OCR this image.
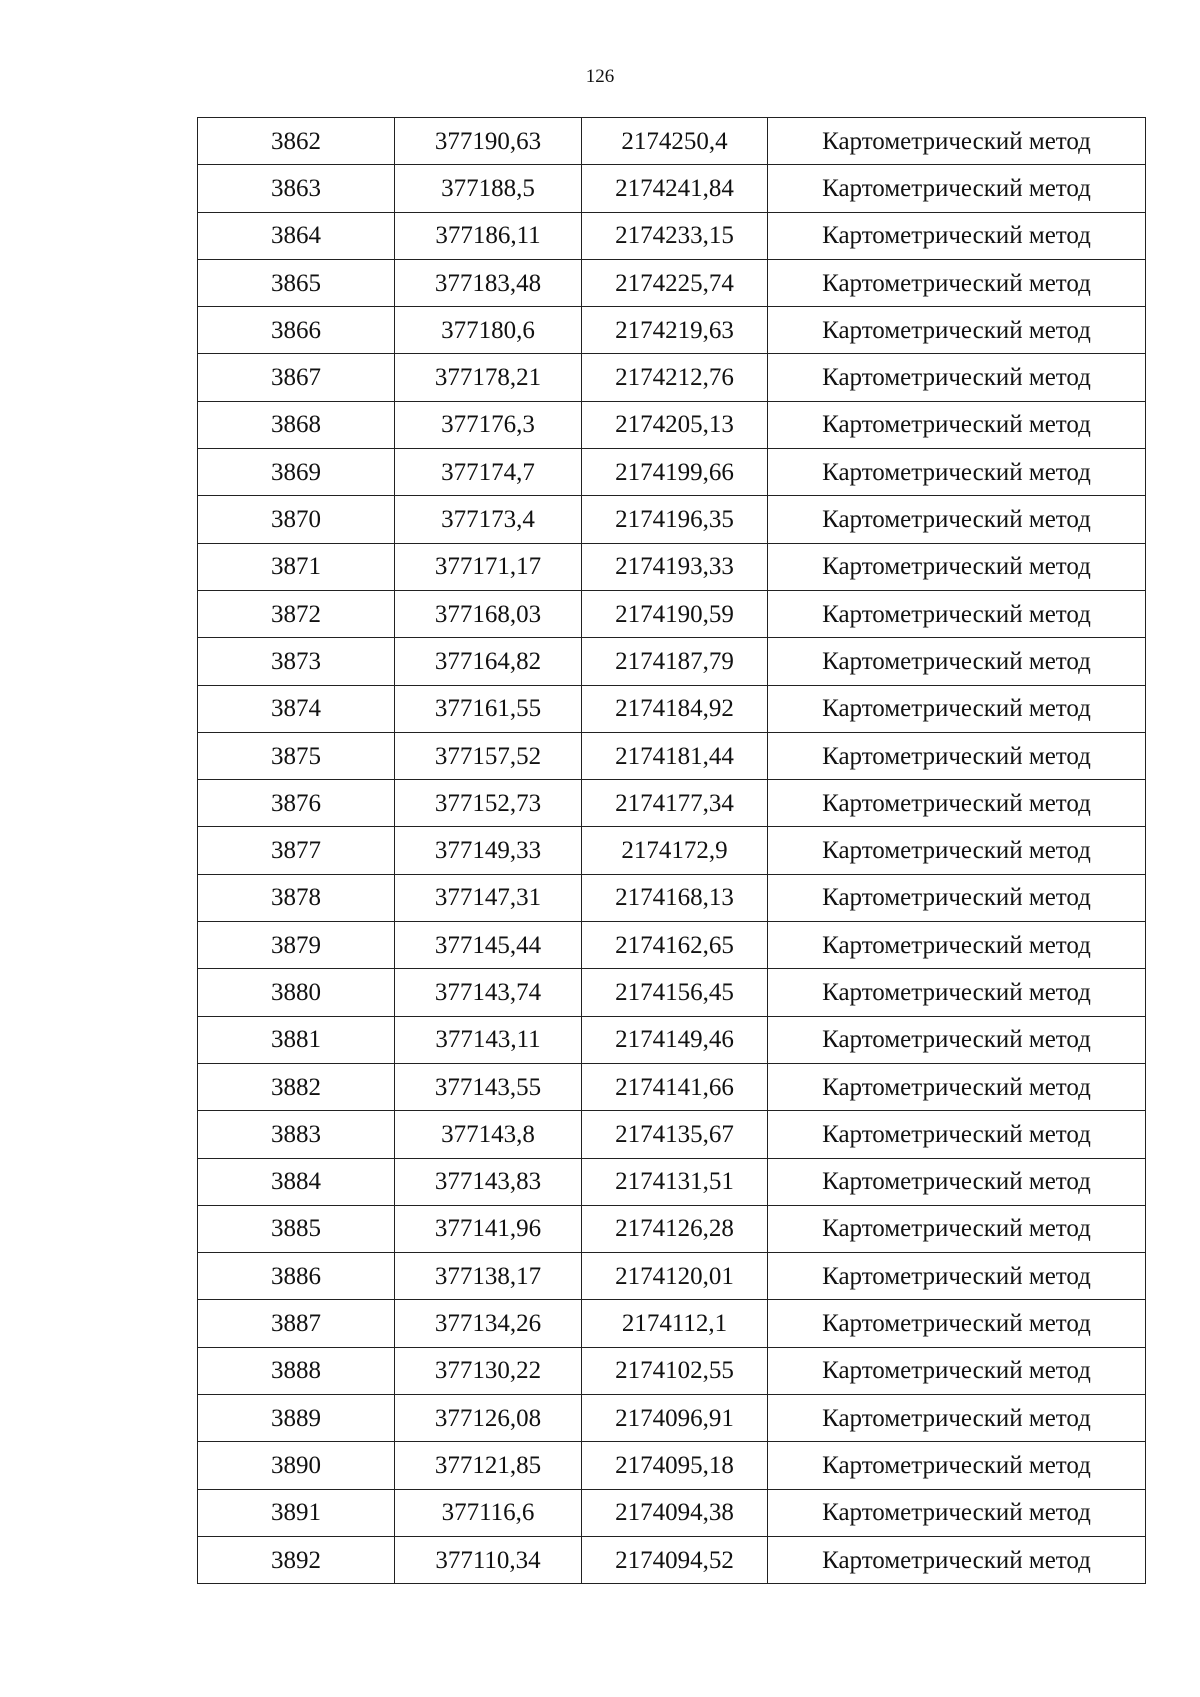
126
3862	377190,63	2174250,4	Картометрический метод
3863	377188,5	2174241,84	Картометрический метод
3864	377186,11	2174233,15	Картометрический метод
3865	377183,48	2174225,74	Картометрический метод
3866	377180,6	2174219,63	Картометрический метод
3867	377178,21	2174212,76	Картометрический метод
3868	377176,3	2174205,13	Картометрический метод
3869	377174,7	2174199,66	Картометрический метод
3870	377173,4	2174196,35	Картометрический метод
3871	377171,17	2174193,33	Картометрический метод
3872	377168,03	2174190,59	Картометрический метод
3873	377164,82	2174187,79	Картометрический метод
3874	377161,55	2174184,92	Картометрический метод
3875	377157,52	2174181,44	Картометрический метод
3876	377152,73	2174177,34	Картометрический метод
3877	377149,33	2174172,9	Картометрический метод
3878	377147,31	2174168,13	Картометрический метод
3879	377145,44	2174162,65	Картометрический метод
3880	377143,74	2174156,45	Картометрический метод
3881	377143,11	2174149,46	Картометрический метод
3882	377143,55	2174141,66	Картометрический метод
3883	377143,8	2174135,67	Картометрический метод
3884	377143,83	2174131,51	Картометрический метод
3885	377141,96	2174126,28	Картометрический метод
3886	377138,17	2174120,01	Картометрический метод
3887	377134,26	2174112,1	Картометрический метод
3888	377130,22	2174102,55	Картометрический метод
3889	377126,08	2174096,91	Картометрический метод
3890	377121,85	2174095,18	Картометрический метод
3891	377116,6	2174094,38	Картометрический метод
3892	377110,34	2174094,52	Картометрический метод
